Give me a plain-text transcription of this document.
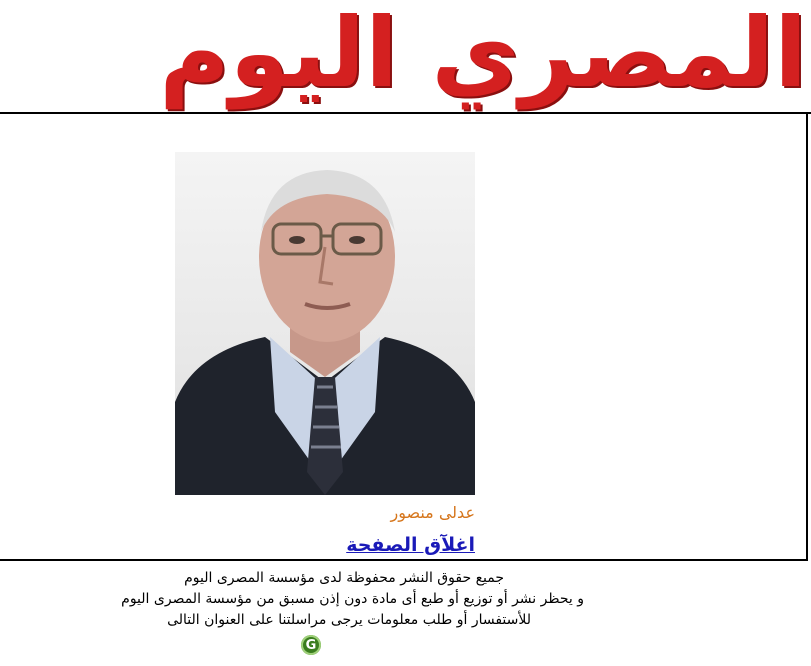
المصري اليوم
عدلى منصور
اغلآق الصفحة
جميع حقوق النشر محفوظة لدى مؤسسة المصرى اليوم
و يحظر نشر أو توزيع أو طبع أى مادة دون إذن مسبق من مؤسسة المصرى اليوم
للأستفسار أو طلب معلومات يرجى مراسلتنا على العنوان التالى
G
